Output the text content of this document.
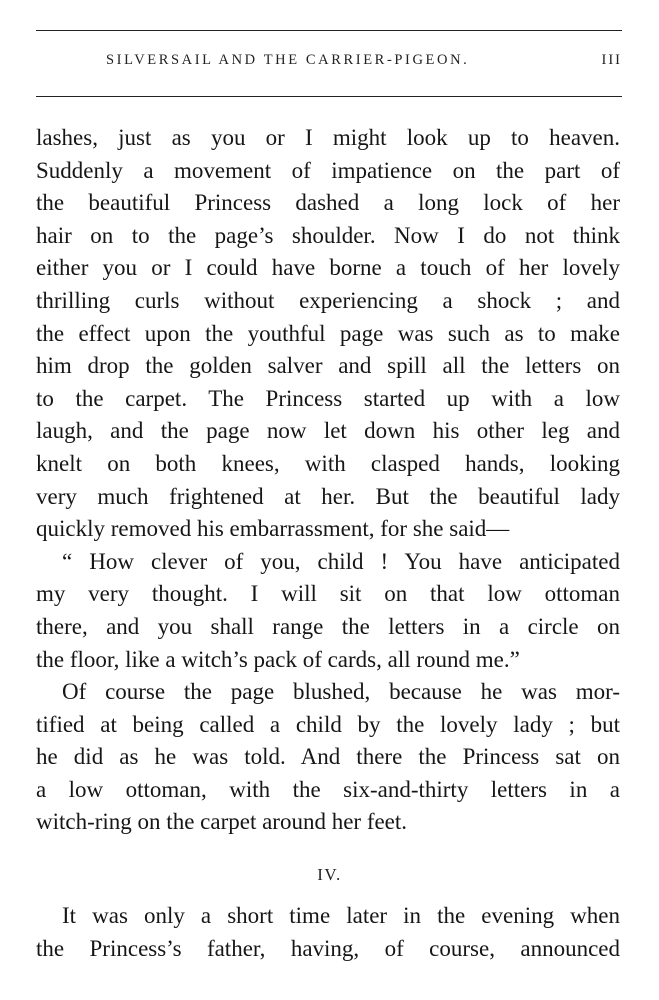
SILVERSAIL AND THE CARRIER-PIGEON.	III

lashes, just as you or I might look up to heaven.
Suddenly a movement of impatience on the part of
the beautiful Princess dashed a long lock of her
hair on to the page’s shoulder. Now I do not think
either you or I could have borne a touch of her lovely
thrilling curls without experiencing a shock ; and
the effect upon the youthful page was such as to make
him drop the golden salver and spill all the letters on
to the carpet. The Princess started up with a low
laugh, and the page now let down his other leg and
knelt on both knees, with clasped hands, looking
very much frightened at her. But the beautiful lady
quickly removed his embarrassment, for she said—

“ How clever of you, child ! You have anticipated
my very thought. I will sit on that low ottoman
there, and you shall range the letters in a circle on
the floor, like a witch’s pack of cards, all round me.”

Of course the page blushed, because he was mor-
tified at being called a child by the lovely lady ; but
he did as he was told. And there the Princess sat on
a low ottoman, with the six-and-thirty letters in a
witch-ring on the carpet around her feet.

IV.

It was only a short time later in the evening when
the Princess’s father, having, of course, announced
